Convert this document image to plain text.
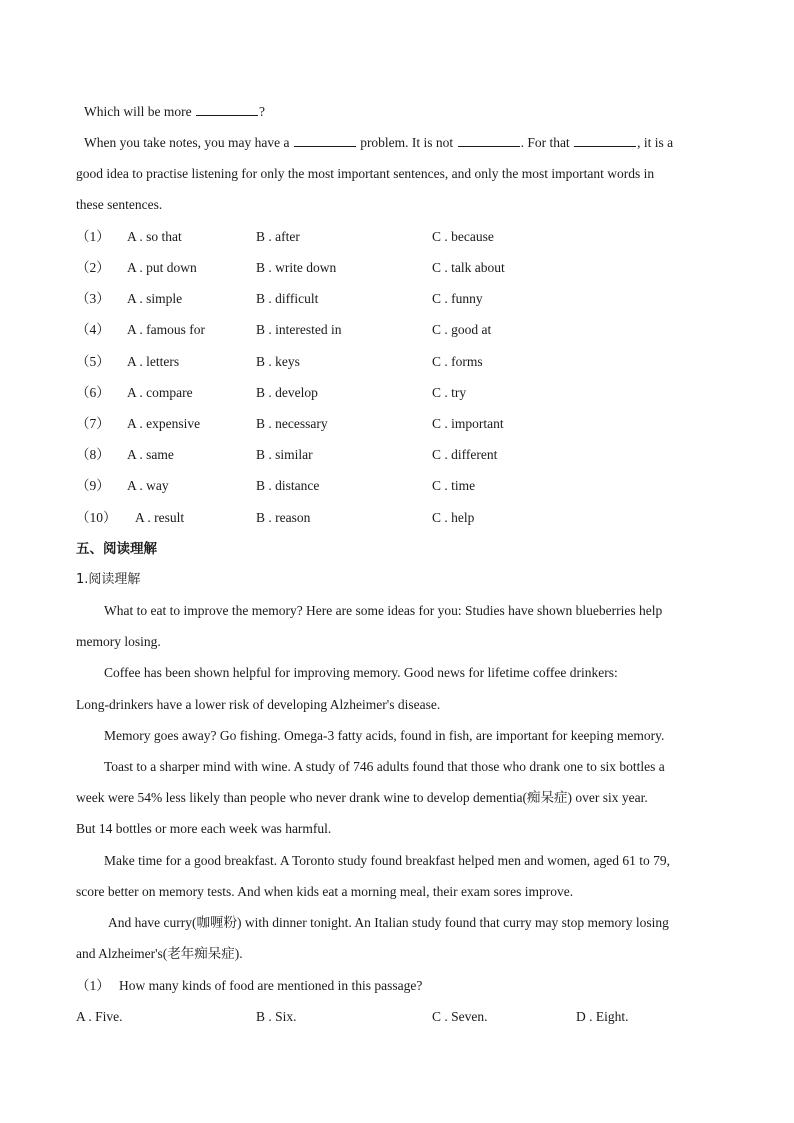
Which will be more	?
When you take notes, you may have a	problem. It is not	. For that	, it is a
good idea to practise listening for only the most important sentences, and only the most important words in
these sentences.
（1） A . so that	B . after	C . because
（2） A . put down	B . write down	C . talk about
（3） A . simple	B . difficult	C . funny
（4） A . famous for	B . interested in	C . good at
（5） A . letters	B . keys	C . forms
（6） A . compare	B . develop	C . try
（7） A . expensive	B . necessary	C . important
（8） A . same	B . similar	C . different
（9） A . way	B . distance	C . time
（10） A . result	B . reason	C . help
五、阅读理解
1.阅读理解
What to eat to improve the memory? Here are some ideas for you: Studies have shown blueberries help
memory losing.
Coffee has been shown helpful for improving memory. Good news for lifetime coffee drinkers:
Long-drinkers have a lower risk of developing Alzheimer's disease.
Memory goes away? Go fishing. Omega-3 fatty acids, found in fish, are important for keeping memory.
Toast to a sharper mind with wine. A study of 746 adults found that those who drank one to six bottles a
week were 54% less likely than people who never drank wine to develop dementia(痴呆症) over six year.
But 14 bottles or more each week was harmful.
Make time for a good breakfast. A Toronto study found breakfast helped men and women, aged 61 to 79,
score better on memory tests. And when kids eat a morning meal, their exam sores improve.
And have curry(咖喱粉) with dinner tonight. An Italian study found that curry may stop memory losing
and Alzheimer's(老年痴呆症).
（1） How many kinds of food are mentioned in this passage?
A . Five.	B . Six.	C . Seven.	D . Eight.
